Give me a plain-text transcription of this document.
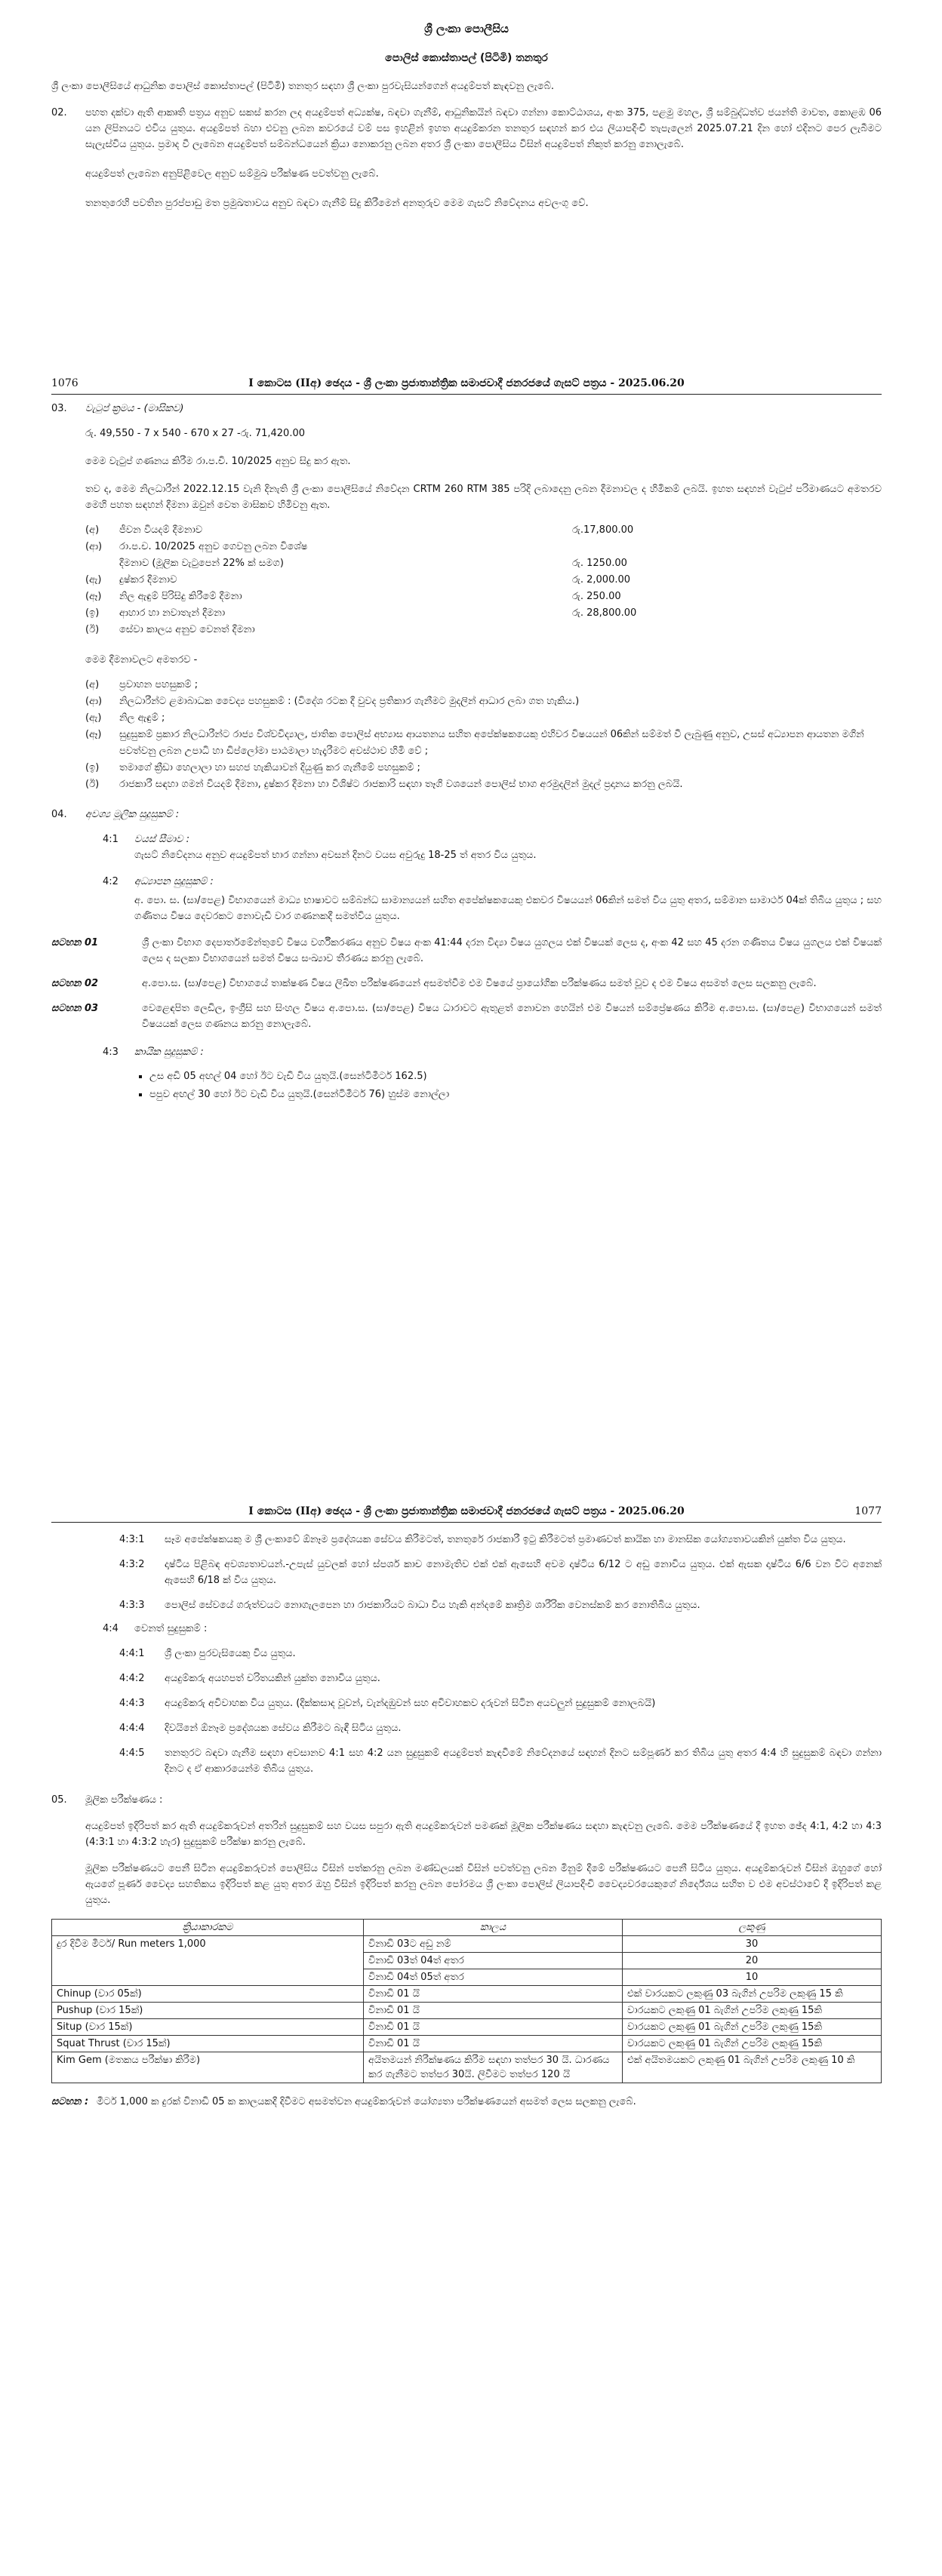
ශ්‍රී ලංකා පොලීසිය

පොලිස් කොස්තාපල් (පිටිමි) තනතුර

ශ්‍රී ලංකා පොලීසියේ ආධුනික පොලිස් කොස්තාපල් (පිටිමි) තනතුර සඳහා ශ්‍රී ලංකා පුරවැසියන්ගෙන් අයදුම්පත් කැඳවනු ලැබේ.

02.	පහත දක්වා ඇති ආකෘති පත්‍රය අනුව සකස් කරන ලද අයදුම්පත් අධ්‍යක්ෂ, බඳවා ගැනීම්, ආධුනිකයින් බඳවා ගන්නා කොට්ඨාශය, අංක 375, පළමු මහල, ශ්‍රී සම්බුද්ධත්ව ජයන්ති මාවත, කොළඹ 06 යන ලිපිනයට එවිය යුතුය. අයදුම්පත් බහා එවනු ලබන කවරයේ වම් පස ඉහළින් ඉහත අයදුම්කරන තනතුර සඳහන් කර එය ලියාපදිංචි තැපැලෙන් 2025.07.21 දින හෝ එදිනට පෙර ලැබීමට සැලැස්විය යුතුය. ප්‍රමාද වී ලැබෙන අයදුම්පත් සම්බන්ධයෙන් ක්‍රියා නොකරනු ලබන අතර ශ්‍රී ලංකා පොලීසිය විසින් අයදුම්පත් නිකුත් කරනු නොලැබේ.

අයදුම්පත් ලැබෙන අනුපිළිවෙල අනුව සම්මුඛ පරීක්ෂණ පවත්වනු ලැබේ.

තනතුරෙහි පවතින පුරප්පාඩු මත ප්‍රමුඛතාවය අනුව බඳවා ගැනීම් සිදු කිරීමෙන් අනතුරුව මෙම ගැසට් නිවේදනය අවලංගු වේ.

1076	I කොටස (IIඅ) ඡෙදය - ශ්‍රී ලංකා ප්‍රජාතාන්ත්‍රික සමාජවාදී ජනරජයේ ගැසට් පත්‍රය - 2025.06.20
03.	වැටුප් ක්‍රමය - (මාසිකව)

රු. 49,550 - 7 x 540 - 670 x 27 -රු. 71,420.00

මෙම වැටුප් ගණනය කිරීම රා.ප.චි. 10/2025 අනුව සිදු කර ඇත.

තව ද, මෙම නිලධාරීන් 2022.12.15 වැනි දිනැති ශ්‍රී ලංකා පොලීසියේ නිවේදන CRTM 260 RTM 385 පරිදි ලබාදෙනු ලබන දීමනාවල ද හිමිකම් ලබයි. ඉහත සඳහන් වැටුප් පරිමාණයට අමතරව මෙහි පහත සඳහන් දීමනා ඔවුන් වෙත මාසිකව හිමිවනු ඇත.

(අ)	ජීවන වියදම් දීමනාව	රු.17,800.00
(ආ)	රා.ප.ච. 10/2025 අනුව ගෙවනු ලබන විශේෂ
දීමනාව (මූලික වැටුපෙන් 22% ක් සමග)	රු. 1250.00
(ඇ)	දුෂ්කර දීමනාව	රු. 2,000.00
(ඈ)	නිල ඇඳුම් පිරිසිදු කිරීමේ දීමනා	රු. 250.00
(ඉ)	ආහාර හා නවාතැන් දීමනා	රු. 28,800.00
(ඊ)	සේවා කාලය අනුව වෙනත් දීමනා

මෙම දීමනාවලට අමතරව -

(අ)	ප්‍රවාහන පහසුකම් ;
(ආ)	නිලධාරීන්ට ළමාබාධක වෛද්‍ය පහසුකම් : (විදේශ රටක දී වුවද ප්‍රතිකාර ගැනීමට මුදලින් ආධාර ලබා ගත හැකිය.)
(ඇ)	නිල ඇඳුම් ;
(ඈ)	සුදුසුකම් ප්‍රකාර නිලධාරීන්ට රාජ්‍ය විශ්වවිද්‍යාල, ජාතික පොලිස් අභ්‍යාස ආයතනය සහිත අපේක්ෂකයෙකු එහිවර විෂයයන් 06කින් සම්මත් වී ලැබුණු අනුව, උසස් අධ්‍යාපන ආයතන මගින් පවත්වනු ලබන උපාධි හා ඩිප්ලෝමා පාඨමාලා හැදෑරීමට අවස්ථාව හිමි වේ ;
(ඉ)	තමාගේ ක්‍රීඩා හෙලාලා හා සහජ හැකියාවන් දියුණු කර ගැනීමේ පහසුකම් ;
(ඊ)	රාජකාරී සඳහා ගමන් වියදම් දීමනා, දුෂ්කර දීමනා හා විශිෂ්ට රාජකාරි සඳහා තෑගි වශයෙන් පොලිස් භාග අරමුදලින් මුදල් ප්‍රදානය කරනු ලබයි.
04.	අවශ්‍ය මූලික සුදුසුකම් :
4:1	වයස් සීමාව :

ගැසට් නිවේදනය අනුව අයදුම්පත් භාර ගන්නා අවසන් දිනට වයස අවුරුදු 18-25 ත් අතර විය යුතුය.

4:2	අධ්‍යාපන සුදුසුකම් :

අ. පො. ස. (සා/පෙළ) විභාගයෙන් මාධ්‍ය භාෂාවට සම්බන්ධ සාමාන්‍යයන් සහිත අපේක්ෂකයෙකු එකවර විෂයයන් 06කින් සමත් විය යුතු අතර, සම්මාන සාමාර්ථ 04ක් තිබිය යුතුය ; සහ ගණිතය විෂය දෙවරකට නොවැඩි වාර ගණනකදී සමත්විය යුතුය.

සටහන 01	ශ්‍රී ලංකා විභාග දෙපාර්තමේන්තුවේ විෂය වර්ගීකරණය අනුව විෂය අංක 41:44 දරන විද්‍යා විෂය යුගලය එක් විෂයක් ලෙස ද, අංක 42 සහ 45 දරන ගණිතය විෂය යුගලය එක් විෂයක් ලෙස ද සලකා විභාගයෙන් සමත් විෂය සංඛ්‍යාව තීරණය කරනු ලැබේ.

සටහන 02	අ.පො.ස. (සා/පෙළ) විභාගයේ තාක්ෂණ විෂය ලිඛිත පරීක්ෂණයෙන් අසමත්වීම එම විෂයේ ප්‍රායෝගික පරීක්ෂණය සමත් වූව ද එම විෂය අසමත් ලෙස සලකනු ලැබේ.

සටහන 03	වෙළෙඳපිත ලෙඩිල, ඉංග්‍රීසි සහ සිංහල විෂය අ.පො.ස. (සා/පෙළ) විෂය ධාරාවට ඇතුළත් නොවන හෙයින් එම විෂයන් සම්ප්‍රේෂණය කිරීම අ.පො.ස. (සා/පෙළ) විභාගයෙන් සමත් විෂයයක් ලෙස ගණනය කරනු නොලැබේ.

4:3	කායික සුදුසුකම් :
▪ උස අඩි 05 අඟල් 04 හෝ ඊට වැඩි විය යුතුයි.(සෙන්ටිමීටර් 162.5)
▪ පපුව අඟල් 30 හෝ ඊට වැඩි විය යුතුයි.(සෙන්ටිමීටර් 76) හුස්ම නොල්ලා
I කොටස (IIඅ) ඡෙදය - ශ්‍රී ලංකා ප්‍රජාතාන්ත්‍රික සමාජවාදී ජනරජයේ ගැසට් පත්‍රය - 2025.06.20	1077
4:3:1	සෑම අපේක්ෂකයකු ම ශ්‍රී ලංකාවේ ඕනෑම ප්‍රදේශයක සේවය කිරීමටත්, තනතුරේ රාජකාරී ඉටු කිරීමටත් ප්‍රමාණවත් කායික හා මානසික යෝග්‍යතාවයකින් යුක්ත විය යුතුය.

4:3:2	දෘෂ්ටිය පිළිබඳ අවශ්‍යතාවයන්.-උපැස් යුවලක් හෝ ස්පර්ශ කාච නොමැතිව එක් එක් ඇසෙහි අවම දෘෂ්ටිය 6/12 ට අඩු නොවිය යුතුය. එක් ඇසක දෘෂ්ටිය 6/6 වන විට අනෙක් ඇසෙහි 6/18 ක් විය යුතුය.

4:3:3	පොලිස් සේවයේ ගරුත්වයට නොගැලපෙන හා රාජකාරියට බාධා විය හැකි අන්දමේ කෘත්‍රිම ශාරීරික වෙනස්කම් කර නොතිබිය යුතුය.

4:4	වෙනත් සුදුසුකම් :
4:4:1	ශ්‍රී ලංකා පුරවැසියෙකු විය යුතුය.

4:4:2	අයදුම්කරු අයහපත් චරිතයකින් යුක්ත නොවිය යුතුය.

4:4:3	අයදුම්කරු අවිවාහක විය යුතුය. (දික්කසාද වූවන්, වැන්දඹුවන් සහ අවිවාහකව දරුවන් සිටින අයවලුන් සුදුසුකම් නොලබයි)

4:4:4	දිවයිනේ ඕනෑම ප්‍රදේශයක සේවය කිරීමට බැඳී සිටිය යුතුය.

4:4:5	තනතුරට බඳවා ගැනීම සඳහා අවසානව 4:1 සහ 4:2 යන සුදුසුකම් අයදුම්පත් කැඳවීමේ නිවේදනයේ සඳහන් දිනට සම්පූර්ණ කර තිබිය යුතු අතර 4:4 හි සුදුසුකම් බඳවා ගන්නා දිනට ද ඒ ආකාරයෙන්ම තිබිය යුතුය.

05.	මූලික පරීක්ෂණය :

අයදුම්පත් ඉදිරිපත් කර ඇති අයදුම්කරුවන් අතරින් සුදුසුකම් සහ වයස සපුරා ඇති අයදුම්කරුවන් පමණක් මූලික පරීක්ෂණය සඳහා කැඳවනු ලැබේ. මෙම පරීක්ෂණයේ දී ඉහත ඡේද 4:1, 4:2 හා 4:3 (4:3:1 හා 4:3:2 හැර) සුදුසුකම් පරීක්ෂා කරනු ලැබේ.

මූලික පරීක්ෂණයට පෙනී සිටින අයදුම්කරුවන් පොලීසිය විසින් පත්කරනු ලබන මණ්ඩලයක් විසින් පවත්වනු ලබන මිනුම් දීමේ පරීක්ෂණයට පෙනී සිටිය යුතුය. අයදුම්කරුවන් විසින් ඔහුගේ හෝ ඇයගේ පූර්ණ වෛද්‍ය සහතිකය ඉදිරිපත් කළ යුතු අතර ඔහු විසින් ඉදිරිපත් කරනු ලබන පෝරමය ශ්‍රී ලංකා පොලිස් ලියාපදිංචි වෛද්‍යවරයෙකුගේ නිර්දේශය සහිත ව එම අවස්ථාවේ දී ඉදිරිපත් කළ යුතුය.

ක්‍රියාකාරකම	කාලය	ලකුණු
දුර දිවීම මීටර්/ Run meters 1,000	විනාඩි 03ට අඩු නම්	30
	විනාඩි 03ත් 04ත් අතර	20
	විනාඩි 04ත් 05ත් අතර	10
Chinup (වාර 05ක්)	විනාඩි 01 යි	එක් වාරයකට ලකුණු 03 බැගින් උපරිම ලකුණු 15 කි
Pushup (වාර 15ක්)	විනාඩි 01 යි	වාරයකට ලකුණු 01 බැගින් උපරිම ලකුණු 15කි
Situp (වාර 15ක්)	විනාඩි 01 යි	වාරයකට ලකුණු 01 බැගින් උපරිම ලකුණු 15කි
Squat Thrust (වාර 15ක්)	විනාඩි 01 යි	වාරයකට ලකුණු 01 බැගින් උපරිම ලකුණු 15කි
Kim Gem (මතකය පරීක්ෂා කිරීම)	අයිතමයන් නිරීක්ෂණය කිරීම සඳහා තත්පර 30 යි. ධාරණය කර ගැනීමට තත්පර 30යි. ලිවීමට තත්පර 120 යි	එක් අයිතමයකට ලකුණු 01 බැගින් උපරිම ලකුණු 10 කි
සටහන : මීටර් 1,000 ක දුරක් විනාඩි 05 ක කාලයකදී දිවීමට අසමත්වන අයදුම්කරුවන් යෝග්‍යතා පරීක්ෂණයෙන් අසමත් ලෙස සලකනු ලැබේ.
